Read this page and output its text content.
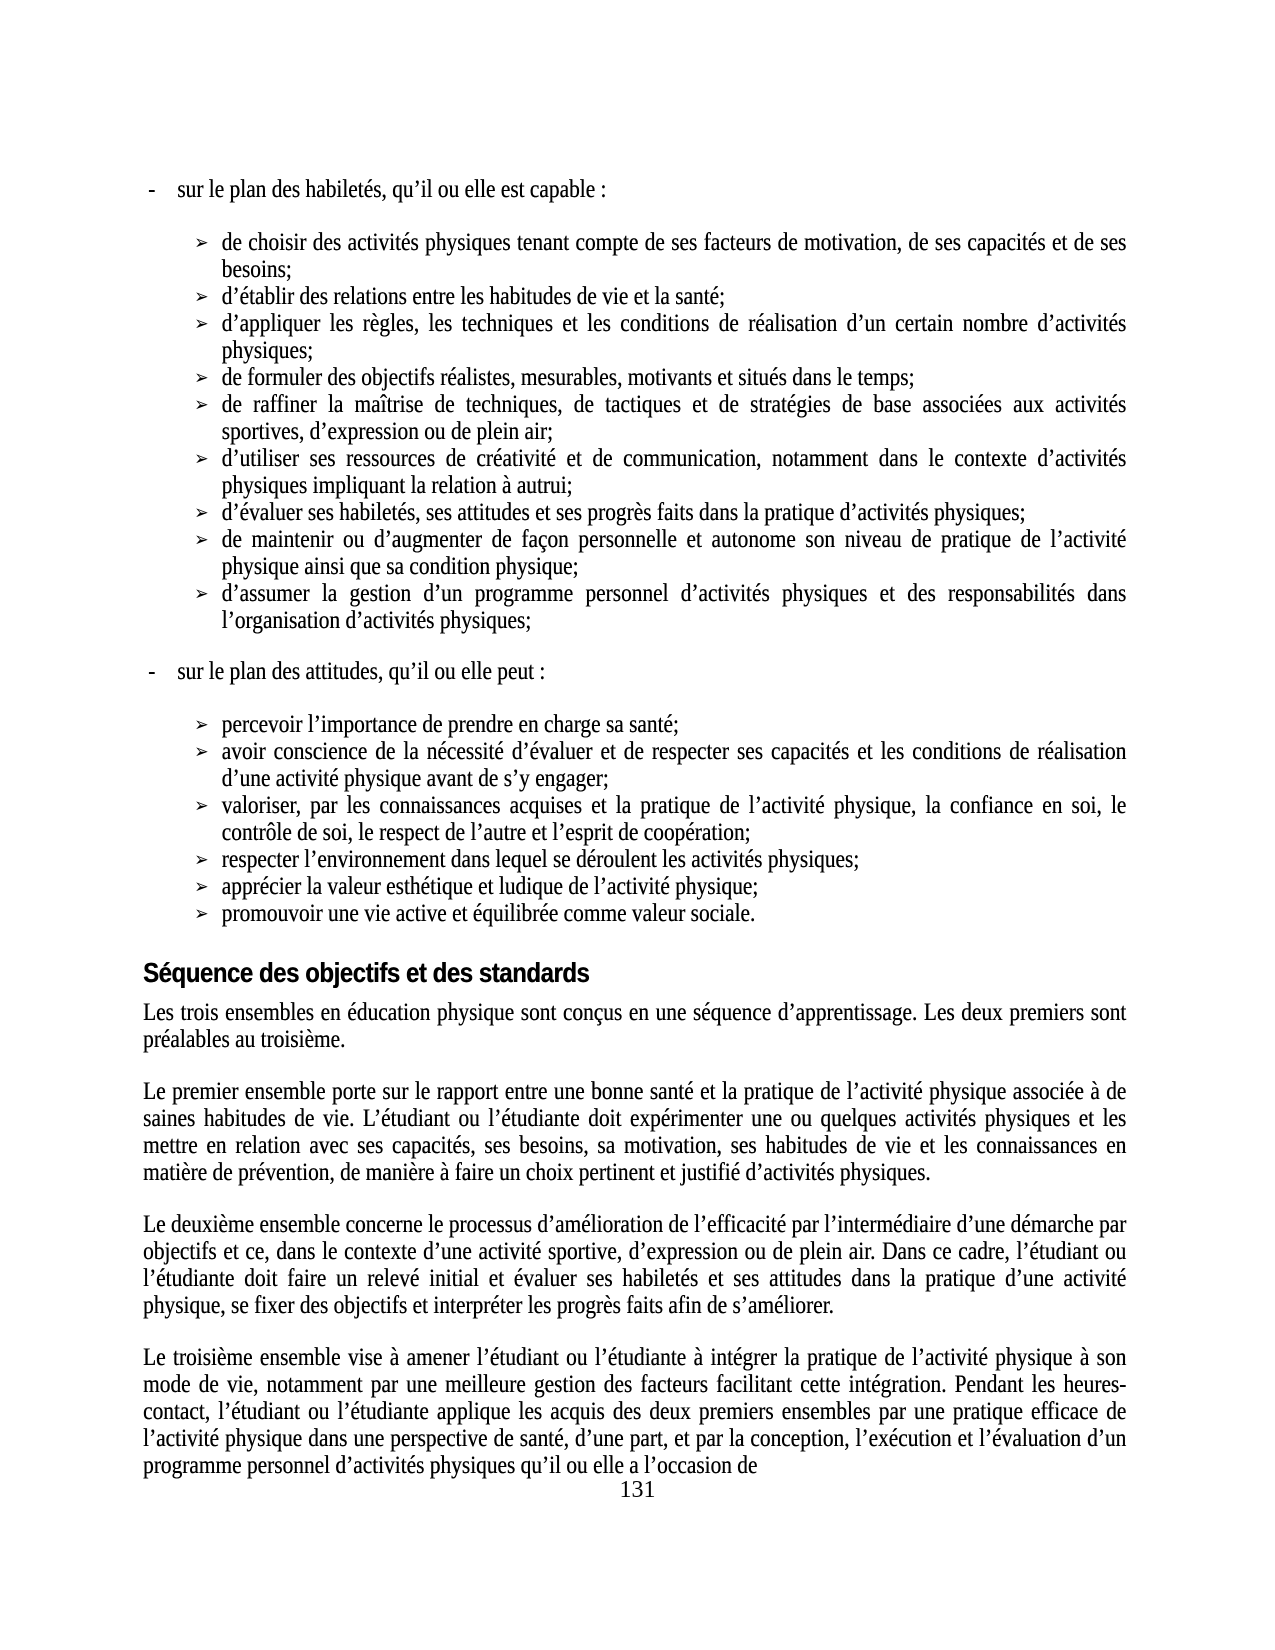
- sur le plan des habiletés, qu’il ou elle est capable :
➢ de choisir des activités physiques tenant compte de ses facteurs de motivation, de ses capacités et de ses besoins;
➢ d’établir des relations entre les habitudes de vie et la santé;
➢ d’appliquer les règles, les techniques et les conditions de réalisation d’un certain nombre d’activités physiques;
➢ de formuler des objectifs réalistes, mesurables, motivants et situés dans le temps;
➢ de raffiner la maîtrise de techniques, de tactiques et de stratégies de base associées aux activités sportives, d’expression ou de plein air;
➢ d’utiliser ses ressources de créativité et de communication, notamment dans le contexte d’activités physiques impliquant la relation à autrui;
➢ d’évaluer ses habiletés, ses attitudes et ses progrès faits dans la pratique d’activités physiques;
➢ de maintenir ou d’augmenter de façon personnelle et autonome son niveau de pratique de l’activité physique ainsi que sa condition physique;
➢ d’assumer la gestion d’un programme personnel d’activités physiques et des responsabilités dans l’organisation d’activités physiques;
- sur le plan des attitudes, qu’il ou elle peut :
➢ percevoir l’importance de prendre en charge sa santé;
➢ avoir conscience de la nécessité d’évaluer et de respecter ses capacités et les conditions de réalisation d’une activité physique avant de s’y engager;
➢ valoriser, par les connaissances acquises et la pratique de l’activité physique, la confiance en soi, le contrôle de soi, le respect de l’autre et l’esprit de coopération;
➢ respecter l’environnement dans lequel se déroulent les activités physiques;
➢ apprécier la valeur esthétique et ludique de l’activité physique;
➢ promouvoir une vie active et équilibrée comme valeur sociale.
Séquence des objectifs et des standards

Les trois ensembles en éducation physique sont conçus en une séquence d’apprentissage. Les deux premiers sont préalables au troisième.

Le premier ensemble porte sur le rapport entre une bonne santé et la pratique de l’activité physique associée à de saines habitudes de vie. L’étudiant ou l’étudiante doit expérimenter une ou quelques activités physiques et les mettre en relation avec ses capacités, ses besoins, sa motivation, ses habitudes de vie et les connaissances en matière de prévention, de manière à faire un choix pertinent et justifié d’activités physiques.

Le deuxième ensemble concerne le processus d’amélioration de l’efficacité par l’intermédiaire d’une démarche par objectifs et ce, dans le contexte d’une activité sportive, d’expression ou de plein air. Dans ce cadre, l’étudiant ou l’étudiante doit faire un relevé initial et évaluer ses habiletés et ses attitudes dans la pratique d’une activité physique, se fixer des objectifs et interpréter les progrès faits afin de s’améliorer.

Le troisième ensemble vise à amener l’étudiant ou l’étudiante à intégrer la pratique de l’activité physique à son mode de vie, notamment par une meilleure gestion des facteurs facilitant cette intégration. Pendant les heures-contact, l’étudiant ou l’étudiante applique les acquis des deux premiers ensembles par une pratique efficace de l’activité physique dans une perspective de santé, d’une part, et par la conception, l’exécution et l’évaluation d’un programme personnel d’activités physiques qu’il ou elle a l’occasion de

131
